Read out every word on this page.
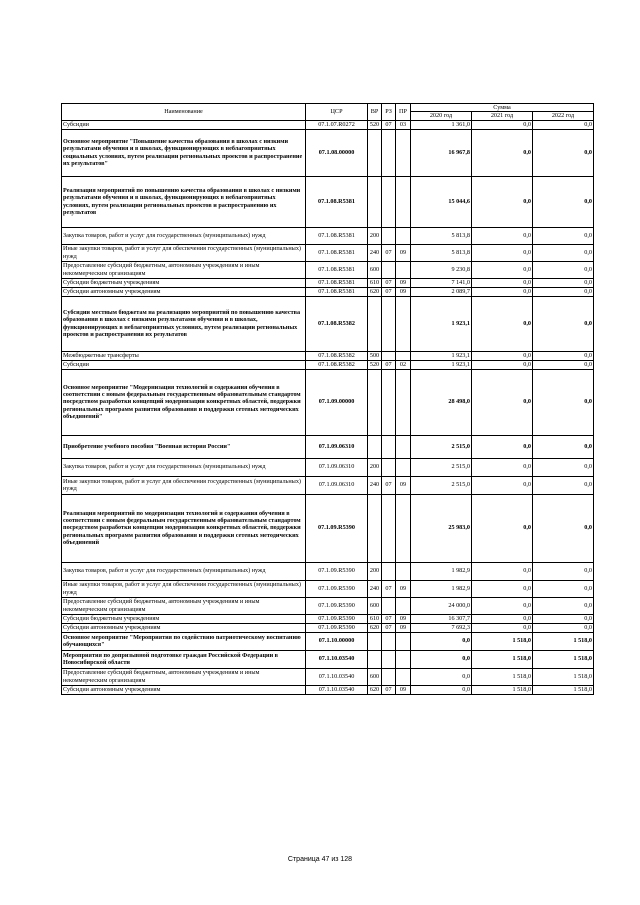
Наименование	ЦСР	ВР	РЗ	ПР	Сумма		
					2020 год	2021 год	2022 год
Субсидии	07.1.07.R0272	520	07	03	1 361,0	0,0	0,0
Основное мероприятие "Повышение качества образования в школах с низкими результатами обучения и в школах, функционирующих в неблагоприятных социальных условиях, путем реализации региональных проектов и распространение их результатов"	07.1.08.00000				16 967,8	0,0	0,0
Реализация мероприятий по повышению качества образования в школах с низкими результатами обучения и в школах, функционирующих в неблагоприятных условиях, путем реализации региональных проектов и распространению их результатов	07.1.08.R5381				15 044,6	0,0	0,0
Закупка товаров, работ и услуг для государственных (муниципальных) нужд	07.1.08.R5381	200			5 813,8	0,0	0,0
Иные закупки товаров, работ и услуг для обеспечения государственных (муниципальных) нужд	07.1.08.R5381	240	07	09	5 813,8	0,0	0,0
Предоставление субсидий бюджетным, автономным учреждениям и иным некоммерческим организациям	07.1.08.R5381	600			9 230,8	0,0	0,0
Субсидии бюджетным учреждениям	07.1.08.R5381	610	07	09	7 141,0	0,0	0,0
Субсидии автономным учреждениям	07.1.08.R5381	620	07	09	2 089,7	0,0	0,0
Субсидии местным бюджетам на реализацию мероприятий по повышению качества образования в школах с низкими результатами обучения и в школах, функционирующих в неблагоприятных условиях, путем реализации региональных проектов и распространения их результатов	07.1.08.R5382				1 923,1	0,0	0,0
Межбюджетные трансферты	07.1.08.R5382	500			1 923,1	0,0	0,0
Субсидии	07.1.08.R5382	520	07	02	1 923,1	0,0	0,0
Основное мероприятие "Модернизация технологий и содержания обучения в соответствии с новым федеральным государственным образовательным стандартом посредством разработки концепций модернизации конкретных областей, поддержки региональных программ развития образования и поддержки сетевых методических объединений"	07.1.09.00000				28 498,0	0,0	0,0
Приобретение учебного пособия "Военная история России"	07.1.09.06310				2 515,0	0,0	0,0
Закупка товаров, работ и услуг для государственных (муниципальных) нужд	07.1.09.06310	200			2 515,0	0,0	0,0
Иные закупки товаров, работ и услуг для обеспечения государственных (муниципальных) нужд	07.1.09.06310	240	07	09	2 515,0	0,0	0,0
Реализация мероприятий по модернизации технологий и содержания обучения в соответствии с новым федеральным государственным образовательным стандартом посредством разработки концепции модернизации конкретных областей, поддержки региональных программ развития образования и поддержки сетевых методических объединений	07.1.09.R5390				25 983,0	0,0	0,0
Закупка товаров, работ и услуг для государственных (муниципальных) нужд	07.1.09.R5390	200			1 982,9	0,0	0,0
Иные закупки товаров, работ и услуг для обеспечения государственных (муниципальных) нужд	07.1.09.R5390	240	07	09	1 982,9	0,0	0,0
Предоставление субсидий бюджетным, автономным учреждениям и иным некоммерческим организациям	07.1.09.R5390	600			24 000,0	0,0	0,0
Субсидии бюджетным учреждениям	07.1.09.R5390	610	07	09	16 307,7	0,0	0,0
Субсидии автономным учреждениям	07.1.09.R5390	620	07	09	7 692,3	0,0	0,0
Основное мероприятие "Мероприятия по содействию патриотическому воспитанию обучающихся"	07.1.10.00000				0,0	1 518,0	1 518,0
Мероприятия по допризывной подготовке граждан Российской Федерации в Новосибирской области	07.1.10.03540				0,0	1 518,0	1 518,0
Предоставление субсидий бюджетным, автономным учреждениям и иным некоммерческим организациям	07.1.10.03540	600			0,0	1 518,0	1 518,0
Субсидии автономным учреждениям	07.1.10.03540	620	07	09	0,0	1 518,0	1 518,0
Страница 47 из 128
